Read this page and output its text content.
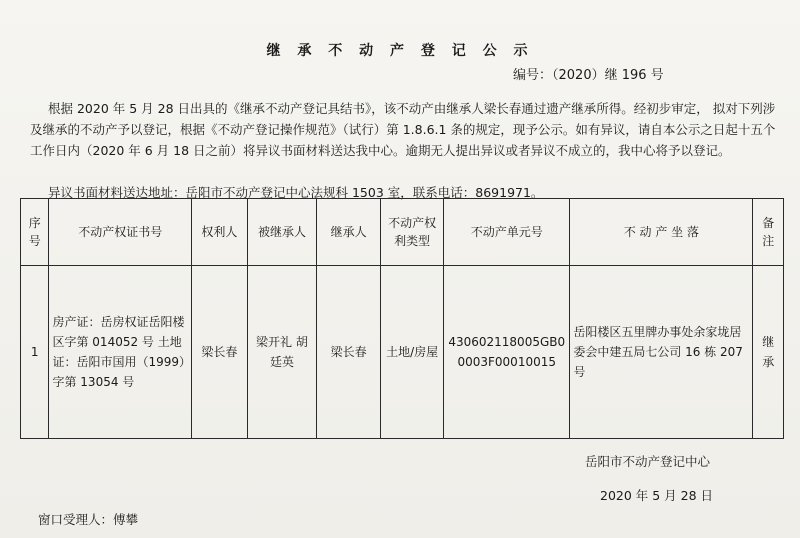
继 承 不 动 产 登 记 公 示
编号：（2020）继 196 号
根据 2020 年 5 月 28 日出具的《继承不动产登记具结书》，该不动产由继承人梁长春通过遗产继承所得。经初步审定， 拟对下列涉及继承的不动产予以登记，根据《不动产登记操作规范》（试行）第 1.8.6.1 条的规定，现予公示。如有异议，请自本公示之日起十五个工作日内（2020 年 6 月 18 日之前）将异议书面材料送达我中心。逾期无人提出异议或者异议不成立的，我中心将予以登记。
异议书面材料送达地址：岳阳市不动产登记中心法规科 1503 室，联系电话：8691971。
序号	不动产权证书号	权利人	被继承人	继承人	不动产权利类型	不动产单元号	不 动 产 坐 落	备注
1	房产证：岳房权证岳阳楼区字第 014052 号 土地证：岳阳市国用（1999）字第 13054 号	梁长春	梁开礼 胡廷英	梁长春	土地/房屋	430602118005GB00003F00010015	岳阳楼区五里牌办事处余家垅居委会中建五局七公司 16 栋 207 号	继承
岳阳市不动产登记中心
2020 年 5 月 28 日
窗口受理人：傅攀
